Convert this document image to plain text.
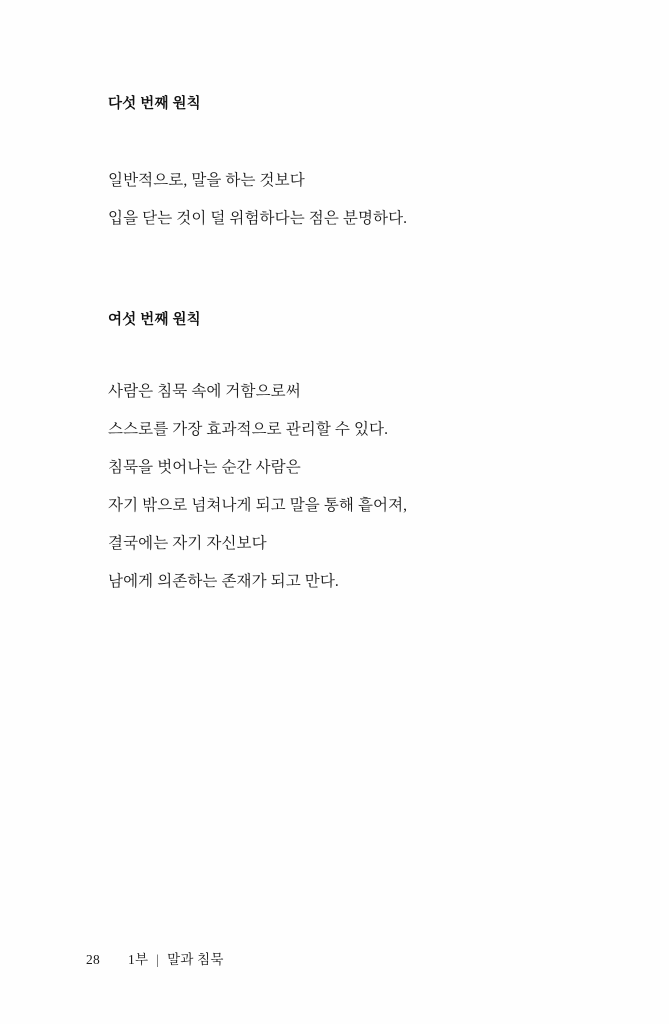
다섯 번째 원칙

일반적으로, 말을 하는 것보다
입을 닫는 것이 덜 위험하다는 점은 분명하다.

여섯 번째 원칙

사람은 침묵 속에 거함으로써
스스로를 가장 효과적으로 관리할 수 있다.
침묵을 벗어나는 순간 사람은
자기 밖으로 넘쳐나게 되고 말을 통해 흩어져,
결국에는 자기 자신보다
남에게 의존하는 존재가 되고 만다.

28	1부 | 말과 침묵
